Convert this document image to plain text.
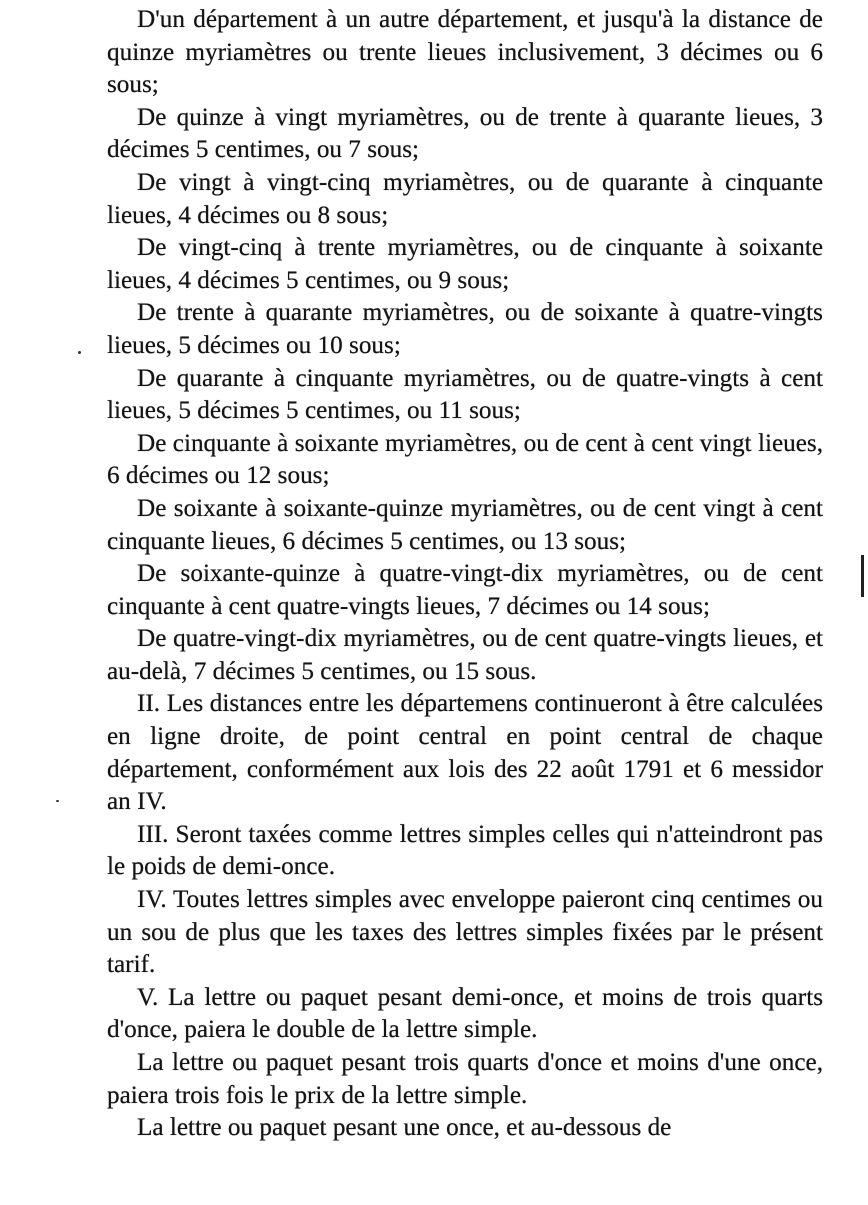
D'un département à un autre département, et jusqu'à la distance de quinze myriamètres ou trente lieues inclusivement, 3 décimes ou 6 sous;

De quinze à vingt myriamètres, ou de trente à quarante lieues, 3 décimes 5 centimes, ou 7 sous;

De vingt à vingt-cinq myriamètres, ou de quarante à cinquante lieues, 4 décimes ou 8 sous;

De vingt-cinq à trente myriamètres, ou de cinquante à soixante lieues, 4 décimes 5 centimes, ou 9 sous;

De trente à quarante myriamètres, ou de soixante à quatre-vingts lieues, 5 décimes ou 10 sous;

De quarante à cinquante myriamètres, ou de quatre-vingts à cent lieues, 5 décimes 5 centimes, ou 11 sous;

De cinquante à soixante myriamètres, ou de cent à cent vingt lieues, 6 décimes ou 12 sous;

De soixante à soixante-quinze myriamètres, ou de cent vingt à cent cinquante lieues, 6 décimes 5 centimes, ou 13 sous;

De soixante-quinze à quatre-vingt-dix myriamètres, ou de cent cinquante à cent quatre-vingts lieues, 7 décimes ou 14 sous;

De quatre-vingt-dix myriamètres, ou de cent quatre-vingts lieues, et au-delà, 7 décimes 5 centimes, ou 15 sous.

II. Les distances entre les départemens continueront à être calculées en ligne droite, de point central en point central de chaque département, conformément aux lois des 22 août 1791 et 6 messidor an IV.

III. Seront taxées comme lettres simples celles qui n'atteindront pas le poids de demi-once.

IV. Toutes lettres simples avec enveloppe paieront cinq centimes ou un sou de plus que les taxes des lettres simples fixées par le présent tarif.

V. La lettre ou paquet pesant demi-once, et moins de trois quarts d'once, paiera le double de la lettre simple.

La lettre ou paquet pesant trois quarts d'once et moins d'une once, paiera trois fois le prix de la lettre simple.

La lettre ou paquet pesant une once, et au-dessous de
